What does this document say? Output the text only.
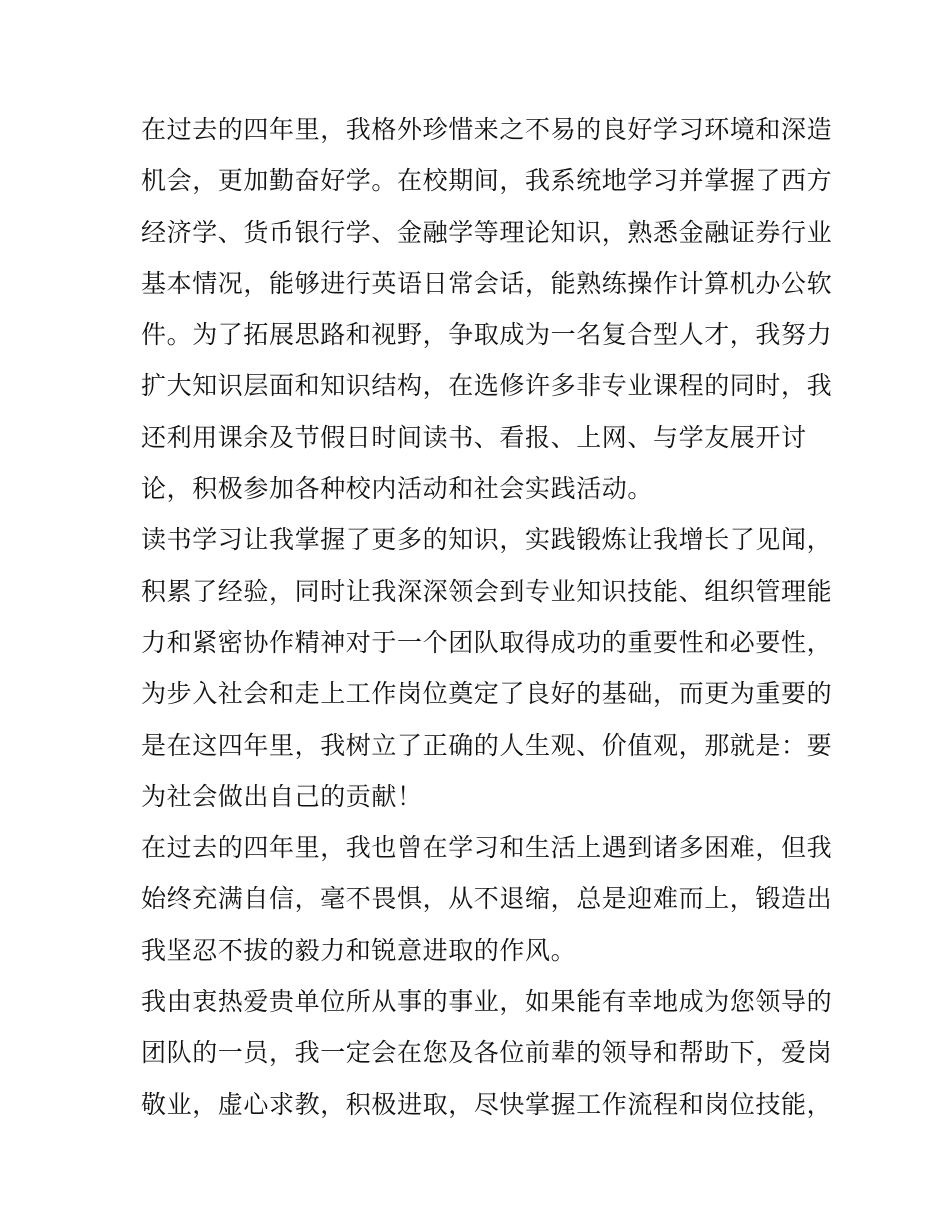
在过去的四年里，我格外珍惜来之不易的良好学习环境和深造
机会，更加勤奋好学。在校期间，我系统地学习并掌握了西方
经济学、货币银行学、金融学等理论知识，熟悉金融证券行业
基本情况，能够进行英语日常会话，能熟练操作计算机办公软
件。为了拓展思路和视野，争取成为一名复合型人才，我努力
扩大知识层面和知识结构，在选修许多非专业课程的同时，我
还利用课余及节假日时间读书、看报、上网、与学友展开讨
论，积极参加各种校内活动和社会实践活动。
读书学习让我掌握了更多的知识，实践锻炼让我增长了见闻，
积累了经验，同时让我深深领会到专业知识技能、组织管理能
力和紧密协作精神对于一个团队取得成功的重要性和必要性，
为步入社会和走上工作岗位奠定了良好的基础，而更为重要的
是在这四年里，我树立了正确的人生观、价值观，那就是：要
为社会做出自己的贡献！
在过去的四年里，我也曾在学习和生活上遇到诸多困难，但我
始终充满自信，毫不畏惧，从不退缩，总是迎难而上，锻造出
我坚忍不拔的毅力和锐意进取的作风。
我由衷热爱贵单位所从事的事业，如果能有幸地成为您领导的
团队的一员，我一定会在您及各位前辈的领导和帮助下，爱岗
敬业，虚心求教，积极进取，尽快掌握工作流程和岗位技能，
